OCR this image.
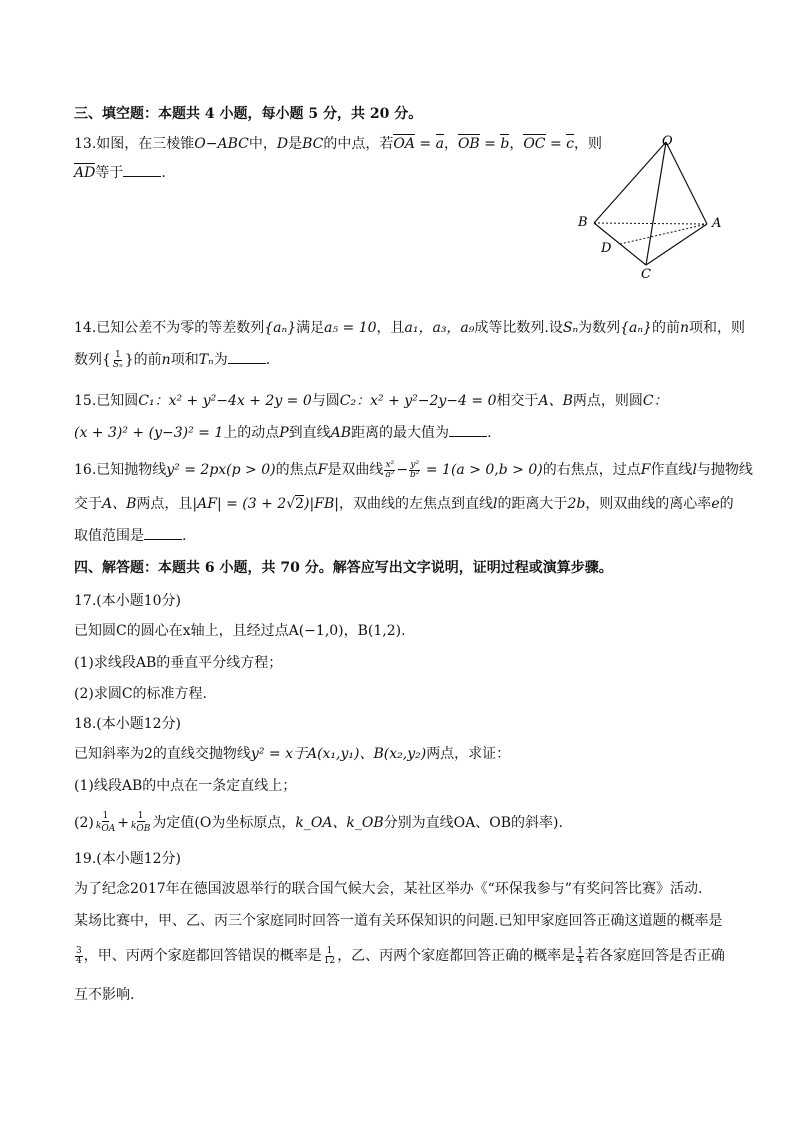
三、填空题：本题共 4 小题，每小题 5 分，共 20 分。
13.如图，在三棱锥O−ABC中，D是BC的中点，若OA = a，OB = b，OC = c，则
AD等于	.
O
A
B
C
D
14.已知公差不为零的等差数列{aₙ}满足a₅ = 10，且a₁，a₃，a₉成等比数列.设Sₙ为数列{aₙ}的前n项和，则
数列{ $\frac{1}{\text{Sₙ}}$ }的前n项和Tₙ为	.
15.已知圆C₁：x² + y²−4x + 2y = 0与圆C₂：x² + y²−2y−4 = 0相交于A、B两点，则圆C：
(x + 3)² + (y−3)² = 1上的动点P到直线AB距离的最大值为	.
16.已知抛物线y² = 2px(p > 0)的焦点F是双曲线 $\frac{\text{x²}}{\text{a²}} - \frac{\text{y²}}{\text{b²}} = 1(a > 0,b > 0)$的右焦点，过点F作直线l与抛物线
交于A、B两点，且|AF| = (3 + 2√2)|FB|，双曲线的左焦点到直线l的距离大于2b，则双曲线的离心率e的
取值范围是	.
四、解答题：本题共 6 小题，共 70 分。解答应写出文字说明，证明过程或演算步骤。
17.(本小题10分)
已知圆C的圆心在x轴上，且经过点A(−1,0)，B(1,2).
(1)求线段AB的垂直平分线方程；
(2)求圆C的标准方程.
18.(本小题12分)
已知斜率为2的直线交抛物线y² = x于A(x₁,y₁)、B(x₂,y₂)两点，求证：
(1)线段AB的中点在一条定直线上；
$(2) \frac{1}{k_{OA}} + \frac{1}{k_{OB}}$ 为定值(O为坐标原点，k_OA、k_OB分别为直线OA、OB的斜率).
19.(本小题12分)
为了纪念2017年在德国波恩举行的联合国气候大会，某社区举办《“环保我参与”有奖问答比赛》活动.
某场比赛中，甲、乙、丙三个家庭同时回答一道有关环保知识的问题.已知甲家庭回答正确这道题的概率是
$\frac{3}{4}$ ，甲、丙两个家庭都回答错误的概率是 $\frac{1}{12}$ ，乙、丙两个家庭都回答正确的概率是 $\frac{1}{4}$ 若各家庭回答是否正确
互不影响.
